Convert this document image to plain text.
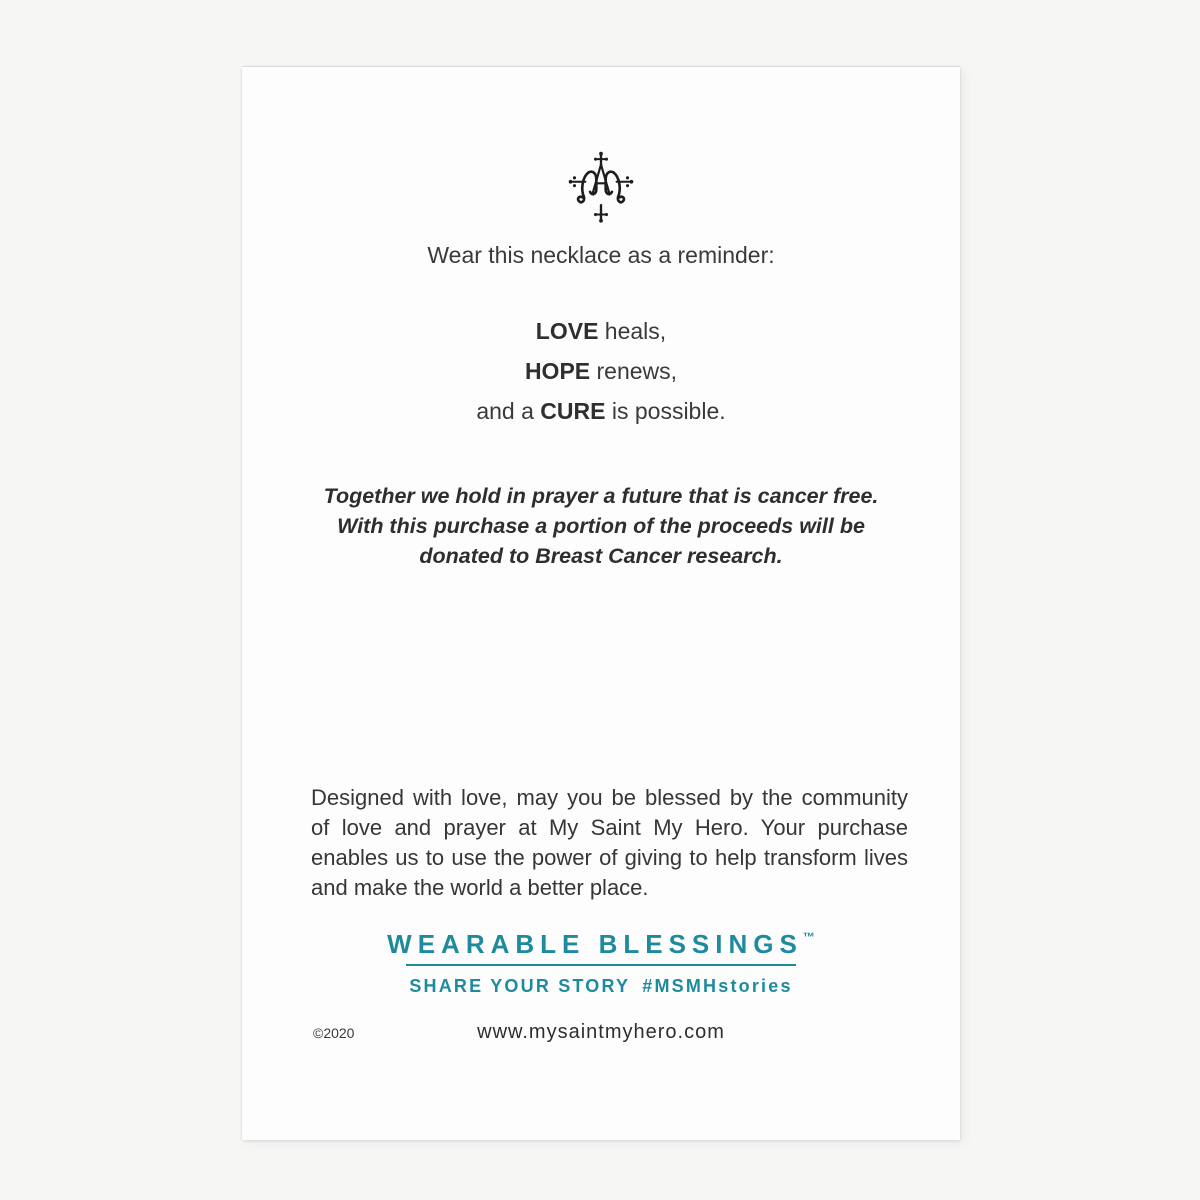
Wear this necklace as a reminder:
LOVE heals,
HOPE renews,
and a CURE is possible.
Together we hold in prayer a future that is cancer free.
With this purchase a portion of the proceeds will be
donated to Breast Cancer research.
Designed with love, may you be blessed by the community
of love and prayer at My Saint My Hero. Your purchase
enables us to use the power of giving to help transform lives
and make the world a better place.
WEARABLE BLESSINGS™
SHARE YOUR STORY #MSMHstories
©2020	www.mysaintmyhero.com
